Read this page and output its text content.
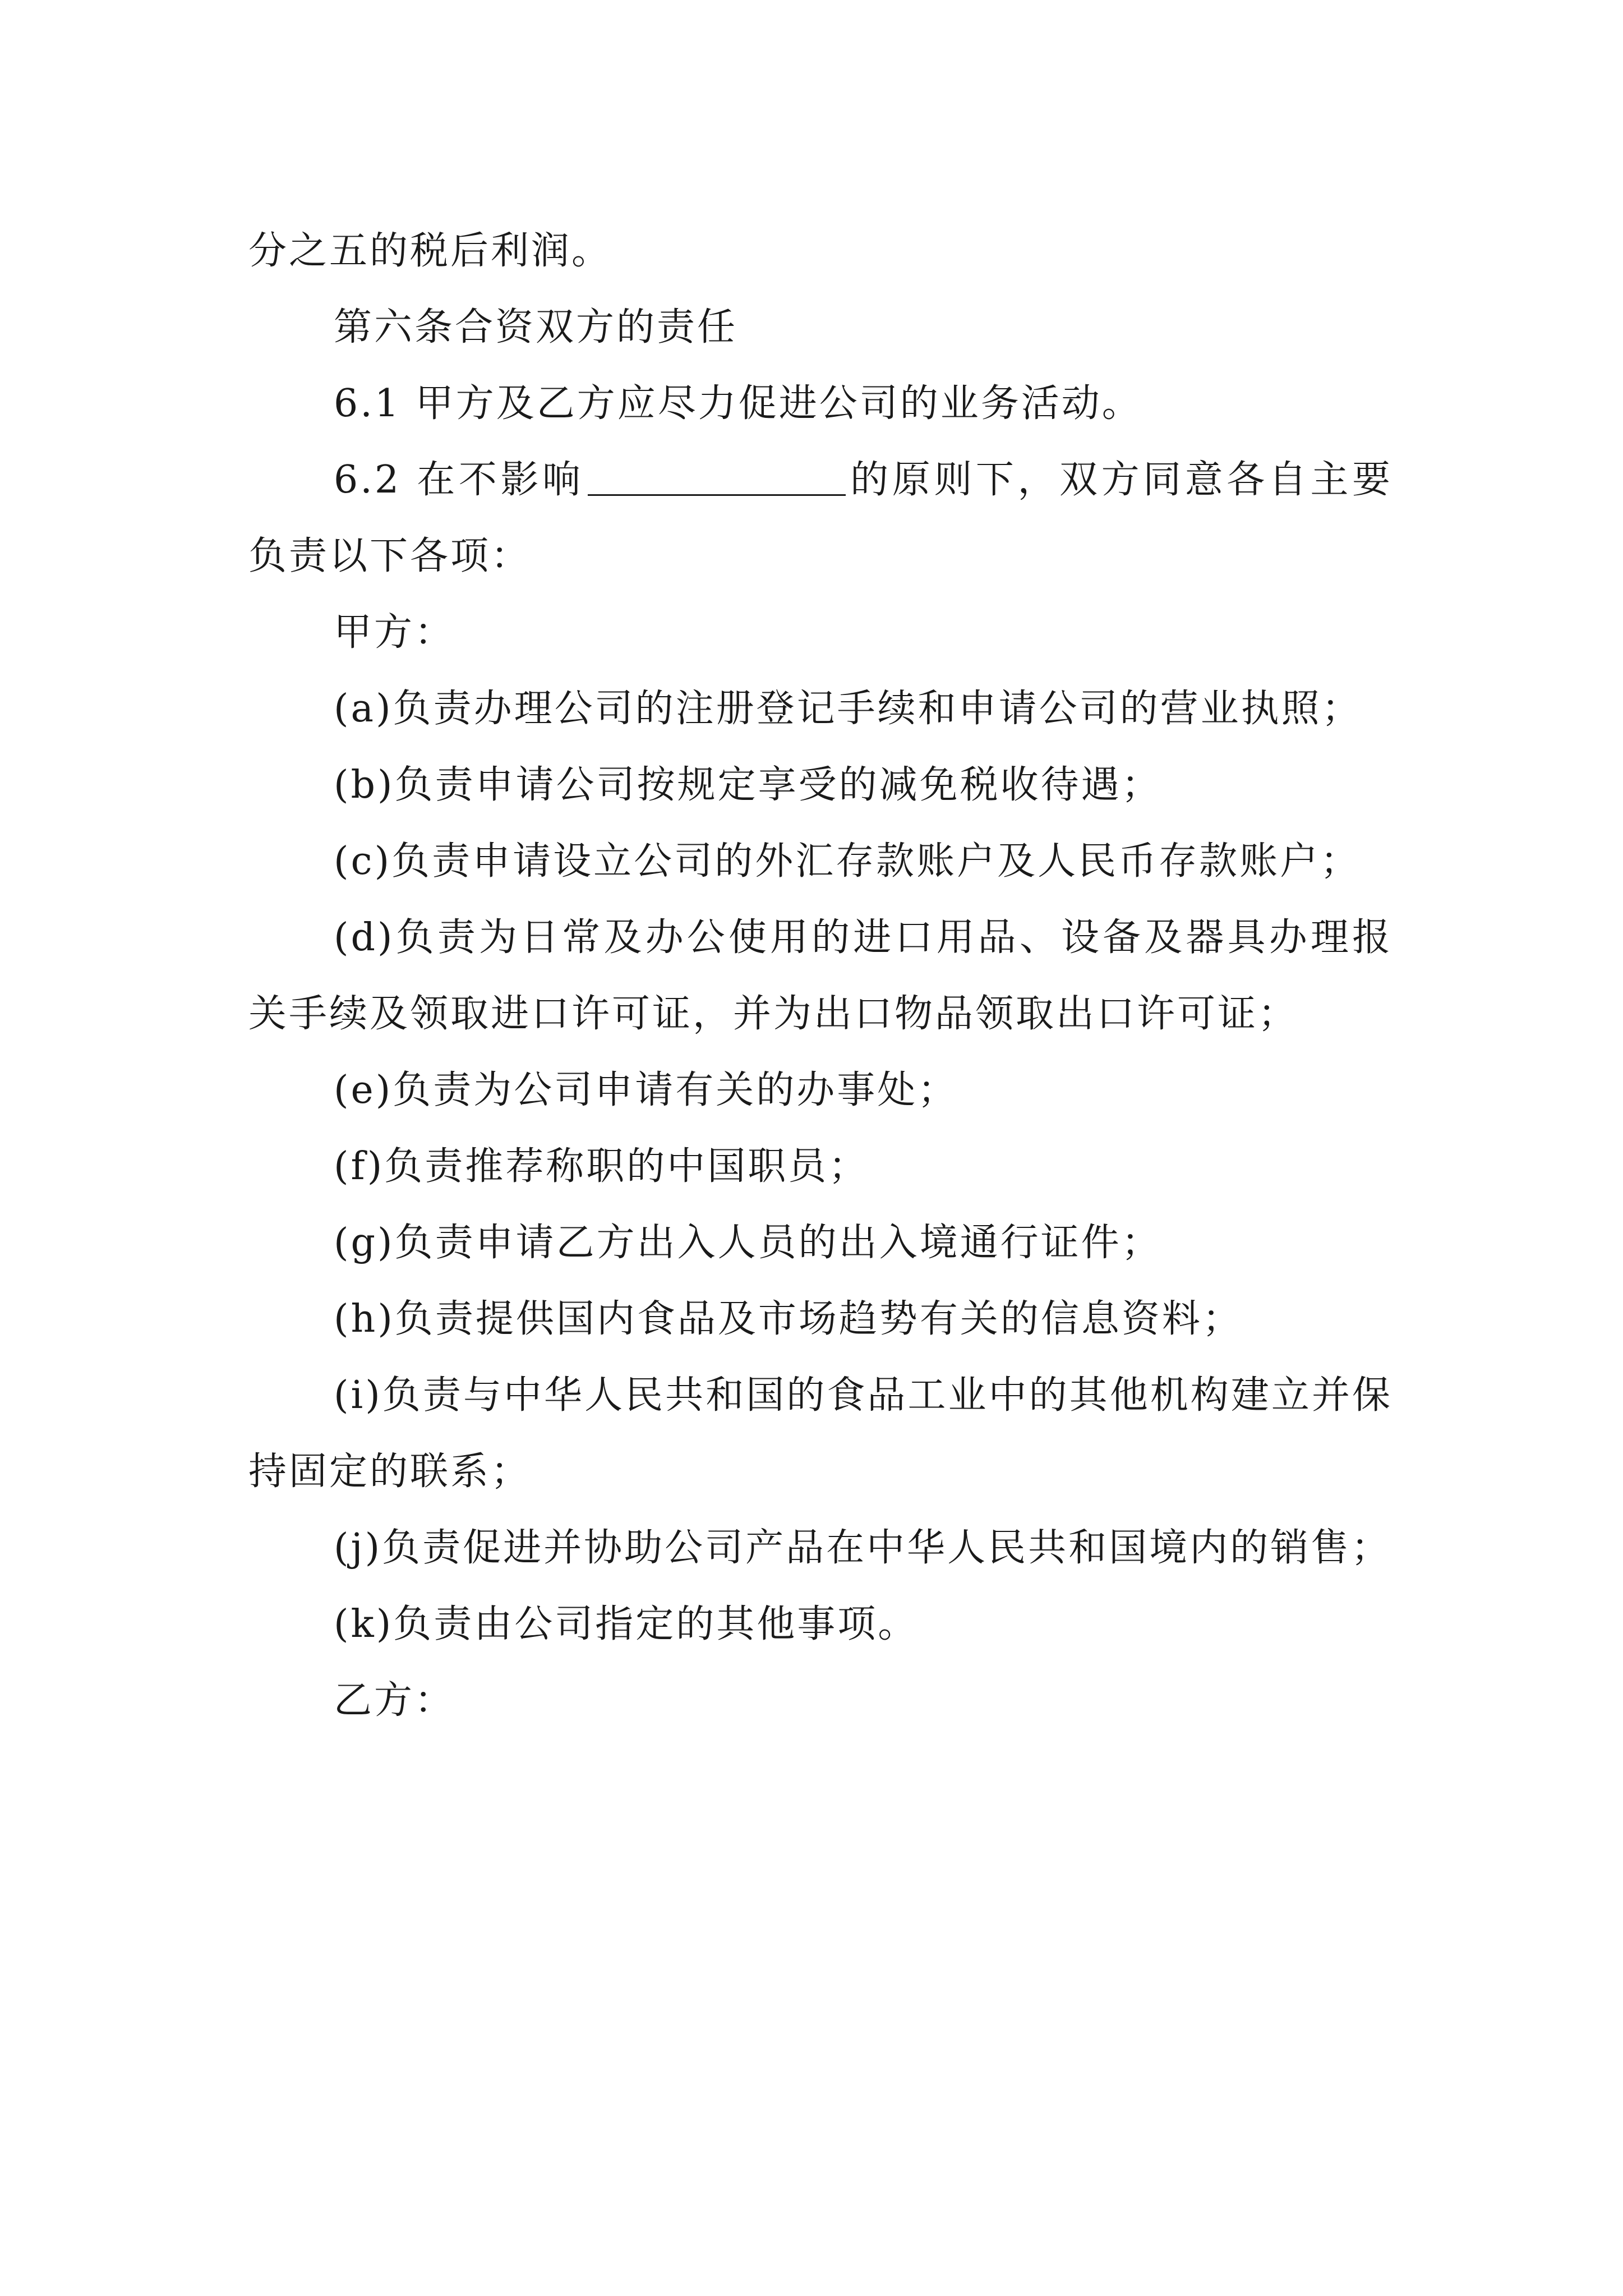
分之五的税后利润。

第六条合资双方的责任

6.1 甲方及乙方应尽力促进公司的业务活动。

6.2 在不影响	的原则下，双方同意各自主要负责以下各项：

甲方：

(a)负责办理公司的注册登记手续和申请公司的营业执照；

(b)负责申请公司按规定享受的减免税收待遇；

(c)负责申请设立公司的外汇存款账户及人民币存款账户；

(d)负责为日常及办公使用的进口用品、设备及器具办理报关手续及领取进口许可证，并为出口物品领取出口许可证；

(e)负责为公司申请有关的办事处；

(f)负责推荐称职的中国职员；

(g)负责申请乙方出入人员的出入境通行证件；

(h)负责提供国内食品及市场趋势有关的信息资料；

(i)负责与中华人民共和国的食品工业中的其他机构建立并保持固定的联系；

(j)负责促进并协助公司产品在中华人民共和国境内的销售；

(k)负责由公司指定的其他事项。

乙方：
